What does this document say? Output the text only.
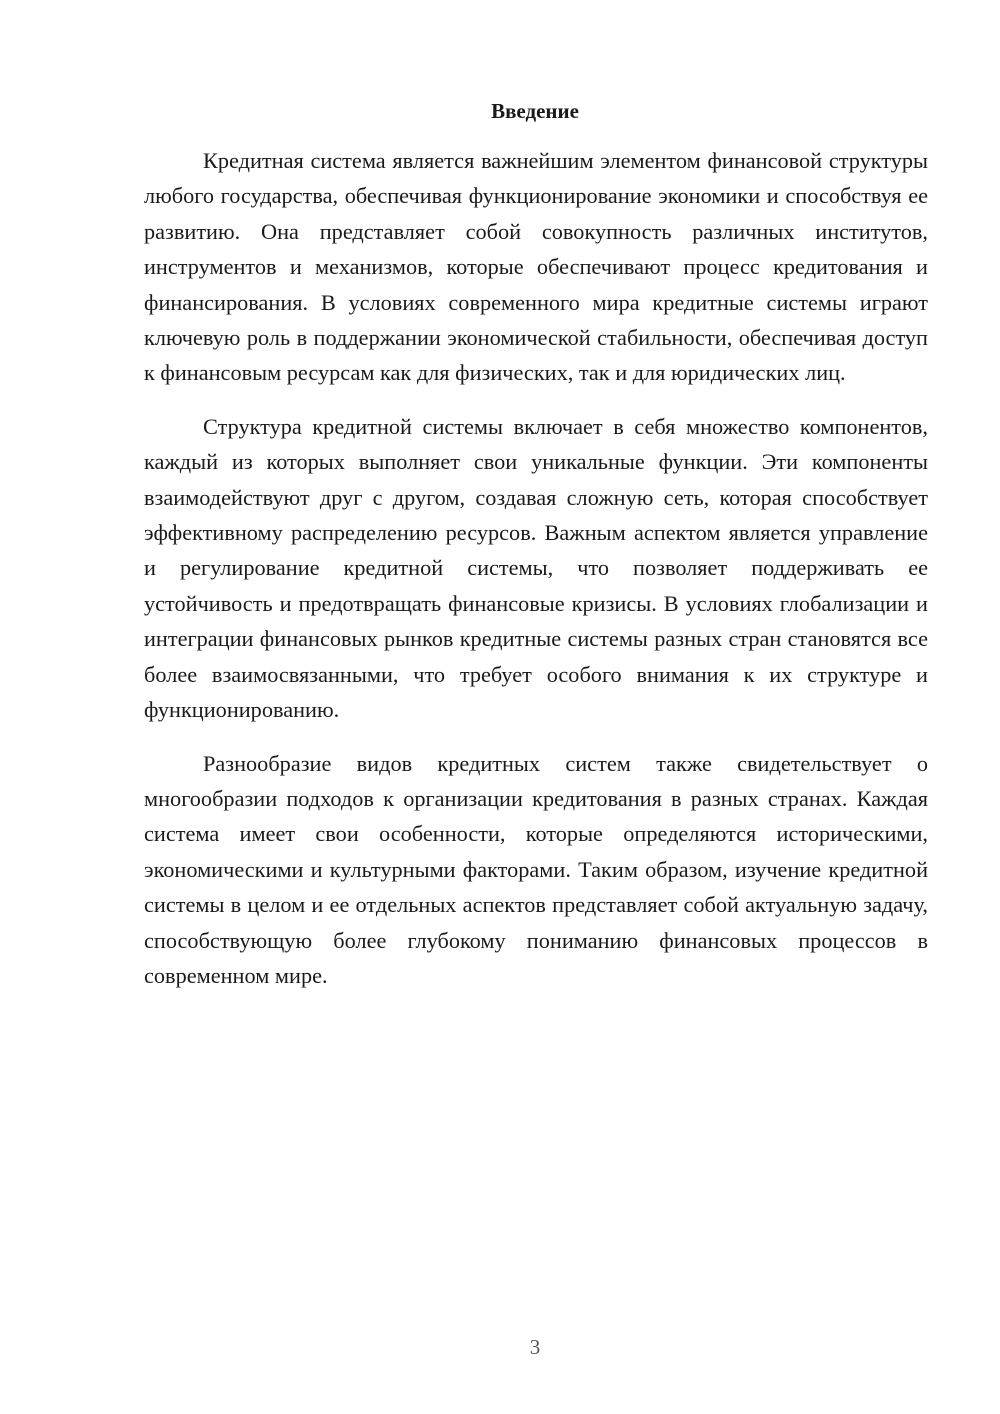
Введение

Кредитная система является важнейшим элементом финансовой структуры любого государства, обеспечивая функционирование экономики и способствуя ее развитию. Она представляет собой совокупность различных институтов, инструментов и механизмов, которые обеспечивают процесс кредитования и финансирования. В условиях современного мира кредитные системы играют ключевую роль в поддержании экономической стабильности, обеспечивая доступ к финансовым ресурсам как для физических, так и для юридических лиц.

Структура кредитной системы включает в себя множество компонентов, каждый из которых выполняет свои уникальные функции. Эти компоненты взаимодействуют друг с другом, создавая сложную сеть, которая способствует эффективному распределению ресурсов. Важным аспектом является управление и регулирование кредитной системы, что позволяет поддерживать ее устойчивость и предотвращать финансовые кризисы. В условиях глобализации и интеграции финансовых рынков кредитные системы разных стран становятся все более взаимосвязанными, что требует особого внимания к их структуре и функционированию.

Разнообразие видов кредитных систем также свидетельствует о многообразии подходов к организации кредитования в разных странах. Каждая система имеет свои особенности, которые определяются историческими, экономическими и культурными факторами. Таким образом, изучение кредитной системы в целом и ее отдельных аспектов представляет собой актуальную задачу, способствующую более глубокому пониманию финансовых процессов в современном мире.

3
